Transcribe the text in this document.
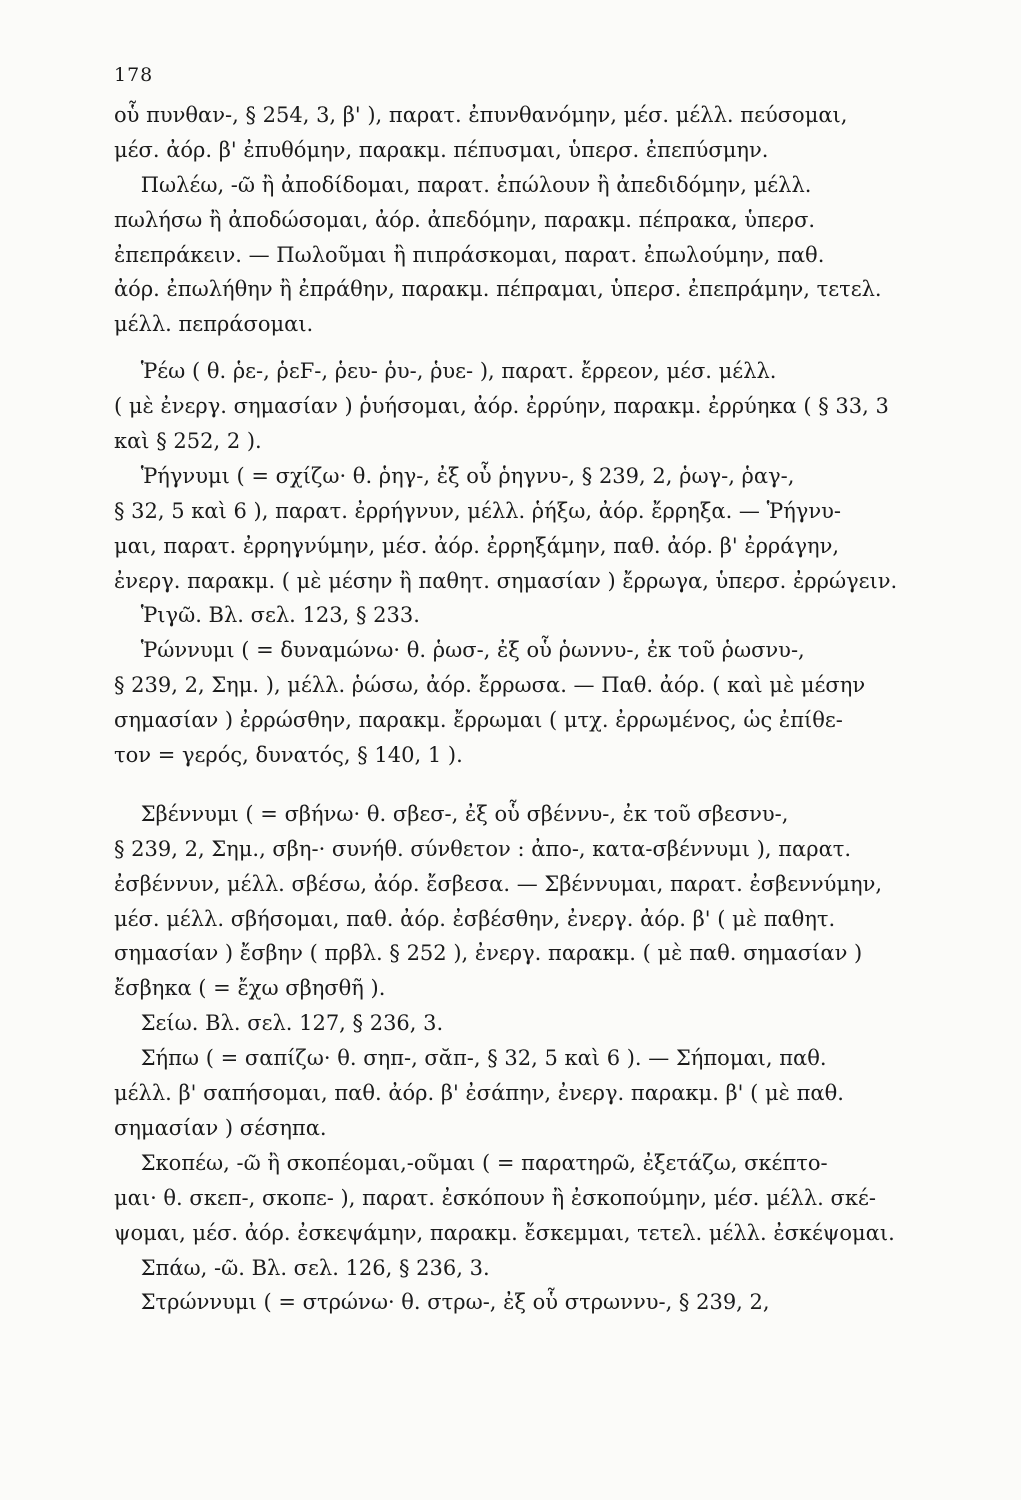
178
οὗ πυνθαν-, § 254, 3, β' ), παρατ. ἐπυνθανόμην, μέσ. μέλλ. πεύσομαι,
μέσ. ἀόρ. β' ἐπυθόμην, παρακμ. πέπυσμαι, ὑπερσ. ἐπεπύσμην.
Πωλέω, -ῶ ἢ ἀποδίδομαι, παρατ. ἐπώλουν ἢ ἀπεδιδόμην, μέλλ.
πωλήσω ἢ ἀποδώσομαι, ἀόρ. ἀπεδόμην, παρακμ. πέπρακα, ὑπερσ.
ἐπεπράκειν. — Πωλοῦμαι ἢ πιπράσκομαι, παρατ. ἐπωλούμην, παθ.
ἀόρ. ἐπωλήθην ἢ ἐπράθην, παρακμ. πέπραμαι, ὑπερσ. ἐπεπράμην, τετελ.
μέλλ. πεπράσομαι.
Ῥέω ( θ. ῥε-, ῥεϜ-, ῥευ- ῥυ-, ῥυε- ), παρατ. ἔρρεον, μέσ. μέλλ.
( μὲ ἐνεργ. σημασίαν ) ῥυήσομαι, ἀόρ. ἐρρύην, παρακμ. ἐρρύηκα ( § 33, 3
καὶ § 252, 2 ).
Ῥήγνυμι ( = σχίζω· θ. ῥηγ-, ἐξ οὗ ῥηγνυ-, § 239, 2, ῥωγ-, ῥαγ-,
§ 32, 5 καὶ 6 ), παρατ. ἐρρήγνυν, μέλλ. ῥήξω, ἀόρ. ἔρρηξα. — Ῥήγνυ-
μαι, παρατ. ἐρρηγνύμην, μέσ. ἀόρ. ἐρρηξάμην, παθ. ἀόρ. β' ἐρράγην,
ἐνεργ. παρακμ. ( μὲ μέσην ἢ παθητ. σημασίαν ) ἔρρωγα, ὑπερσ. ἐρρώγειν.
Ῥιγῶ. Βλ. σελ. 123, § 233.
Ῥώννυμι ( = δυναμώνω· θ. ῥωσ-, ἐξ οὗ ῥωννυ-, ἐκ τοῦ ῥωσνυ-,
§ 239, 2, Σημ. ), μέλλ. ῥώσω, ἀόρ. ἔρρωσα. — Παθ. ἀόρ. ( καὶ μὲ μέσην
σημασίαν ) ἐρρώσθην, παρακμ. ἔρρωμαι ( μτχ. ἐρρωμένος, ὡς ἐπίθε-
τον = γερός, δυνατός, § 140, 1 ).
Σβέννυμι ( = σβήνω· θ. σβεσ-, ἐξ οὗ σβέννυ-, ἐκ τοῦ σβεσνυ-,
§ 239, 2, Σημ., σβη-· συνήθ. σύνθετον : ἀπο-, κατα-σβέννυμι ), παρατ.
ἐσβέννυν, μέλλ. σβέσω, ἀόρ. ἔσβεσα. — Σβέννυμαι, παρατ. ἐσβεννύμην,
μέσ. μέλλ. σβήσομαι, παθ. ἀόρ. ἐσβέσθην, ἐνεργ. ἀόρ. β' ( μὲ παθητ.
σημασίαν ) ἔσβην ( πρβλ. § 252 ), ἐνεργ. παρακμ. ( μὲ παθ. σημασίαν )
ἔσβηκα ( = ἔχω σβησθῆ ).
Σείω. Βλ. σελ. 127, § 236, 3.
Σήπω ( = σαπίζω· θ. σηπ-, σᾰπ-, § 32, 5 καὶ 6 ). — Σήπομαι, παθ.
μέλλ. β' σαπήσομαι, παθ. ἀόρ. β' ἐσάπην, ἐνεργ. παρακμ. β' ( μὲ παθ.
σημασίαν ) σέσηπα.
Σκοπέω, -ῶ ἢ σκοπέομαι,-οῦμαι ( = παρατηρῶ, ἐξετάζω, σκέπτο-
μαι· θ. σκεπ-, σκοπε- ), παρατ. ἐσκόπουν ἢ ἐσκοπούμην, μέσ. μέλλ. σκέ-
ψομαι, μέσ. ἀόρ. ἐσκεψάμην, παρακμ. ἔσκεμμαι, τετελ. μέλλ. ἐσκέψομαι.
Σπάω, -ῶ. Βλ. σελ. 126, § 236, 3.
Στρώννυμι ( = στρώνω· θ. στρω-, ἐξ οὗ στρωννυ-, § 239, 2,
